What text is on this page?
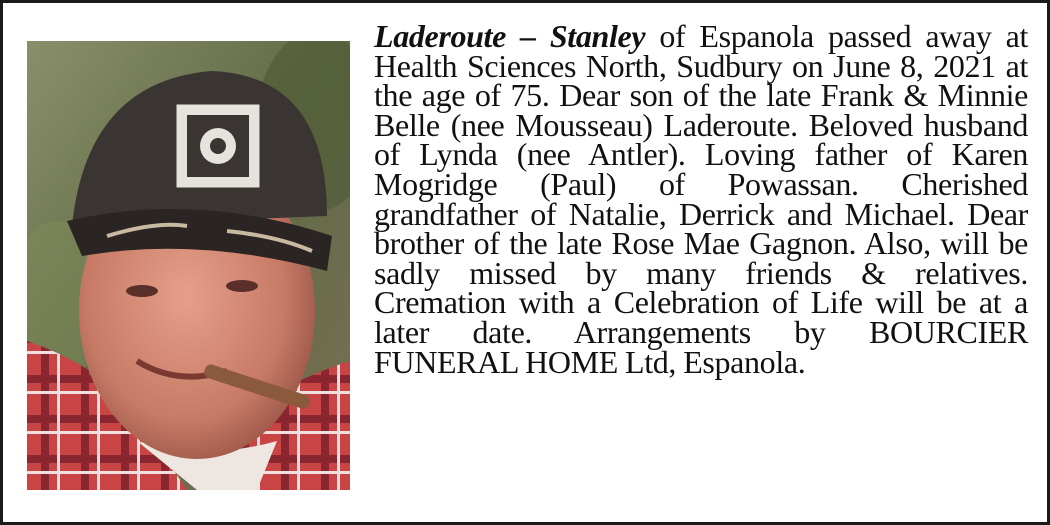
Laderoute – Stanley of Espanola passed away at Health Sciences North, Sudbury on June 8, 2021 at the age of 75. Dear son of the late Frank & Minnie Belle (nee Mousseau) Laderoute. Beloved husband of Lynda (nee Antler). Loving father of Karen Mogridge (Paul) of Powassan. Cherished grandfather of Natalie, Derrick and Michael. Dear brother of the late Rose Mae Gagnon. Also, will be sadly missed by many friends & relatives. Cremation with a Celebration of Life will be at a later date. Arrangements by BOURCIER FUNERAL HOME Ltd, Espanola.
